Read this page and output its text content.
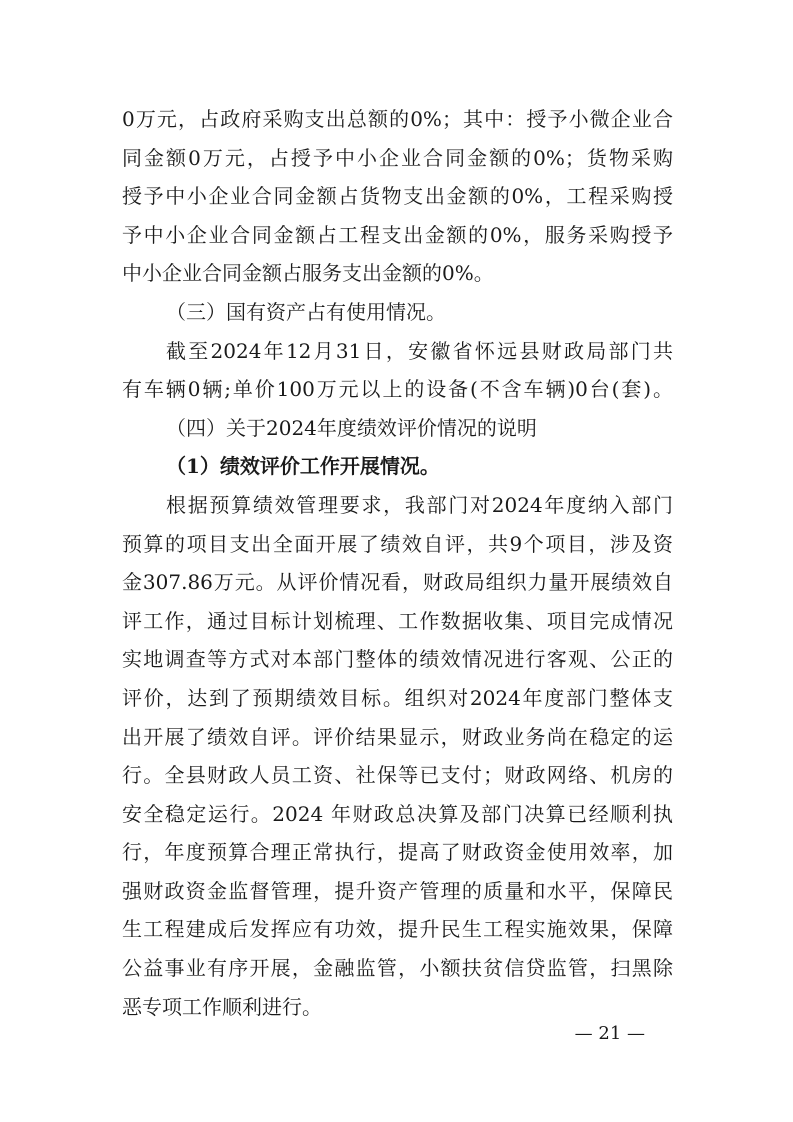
0万元，占政府采购支出总额的0%；其中：授予小微企业合
同金额0万元，占授予中小企业合同金额的0%；货物采购
授予中小企业合同金额占货物支出金额的0%，工程采购授
予中小企业合同金额占工程支出金额的0%，服务采购授予
中小企业合同金额占服务支出金额的0%。
（三）国有资产占有使用情况。
截至2024年12月31日，安徽省怀远县财政局部门共
有车辆0辆;单价100万元以上的设备(不含车辆)0台(套)。
（四）关于2024年度绩效评价情况的说明
（1）绩效评价工作开展情况。
根据预算绩效管理要求，我部门对2024年度纳入部门
预算的项目支出全面开展了绩效自评，共9个项目，涉及资
金307.86万元。从评价情况看，财政局组织力量开展绩效自
评工作，通过目标计划梳理、工作数据收集、项目完成情况
实地调查等方式对本部门整体的绩效情况进行客观、公正的
评价，达到了预期绩效目标。组织对2024年度部门整体支
出开展了绩效自评。评价结果显示，财政业务尚在稳定的运
行。全县财政人员工资、社保等已支付；财政网络、机房的
安全稳定运行。2024 年财政总决算及部门决算已经顺利执
行，年度预算合理正常执行，提高了财政资金使用效率，加
强财政资金监督管理，提升资产管理的质量和水平，保障民
生工程建成后发挥应有功效，提升民生工程实施效果，保障
公益事业有序开展，金融监管，小额扶贫信贷监管，扫黑除
恶专项工作顺利进行。
— 21 —
